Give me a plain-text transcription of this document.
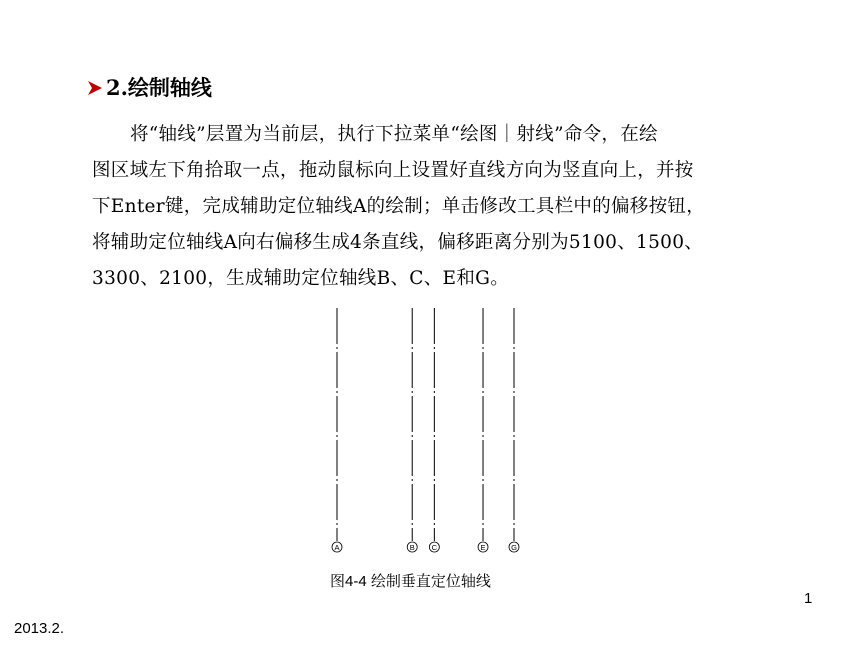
2.绘制轴线
将“轴线”层置为当前层，执行下拉菜单“绘图｜射线”命令，在绘
图区域左下角拾取一点，拖动鼠标向上设置好直线方向为竖直向上，并按
下Enter键，完成辅助定位轴线A的绘制；单击修改工具栏中的偏移按钮，
将辅助定位轴线A向右偏移生成4条直线，偏移距离分别为5100、1500、
3300、2100，生成辅助定位轴线B、C、E和G。
A	B C	E	G
图4-4 绘制垂直定位轴线
1
2013.2.
